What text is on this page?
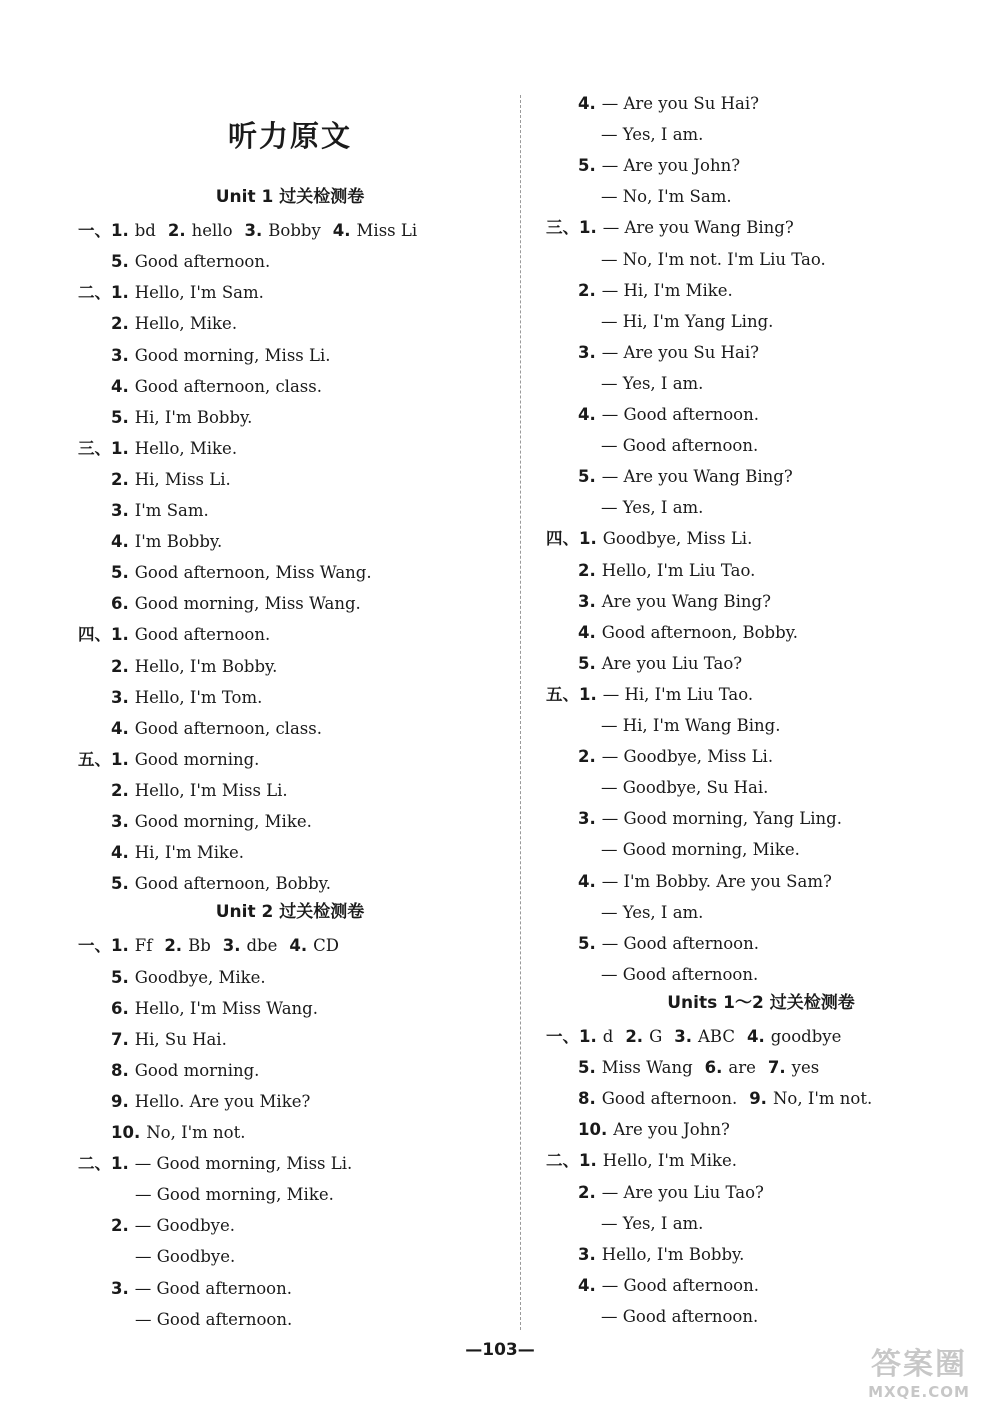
听力原文
Unit 1 过关检测卷
一、1. bd 2. hello 3. Bobby 4. Miss Li
5. Good afternoon.
二、1. Hello, I'm Sam.
2. Hello, Mike.
3. Good morning, Miss Li.
4. Good afternoon, class.
5. Hi, I'm Bobby.
三、1. Hello, Mike.
2. Hi, Miss Li.
3. I'm Sam.
4. I'm Bobby.
5. Good afternoon, Miss Wang.
6. Good morning, Miss Wang.
四、1. Good afternoon.
2. Hello, I'm Bobby.
3. Hello, I'm Tom.
4. Good afternoon, class.
五、1. Good morning.
2. Hello, I'm Miss Li.
3. Good morning, Mike.
4. Hi, I'm Mike.
5. Good afternoon, Bobby.
Unit 2 过关检测卷
一、1. Ff 2. Bb 3. dbe 4. CD
5. Goodbye, Mike.
6. Hello, I'm Miss Wang.
7. Hi, Su Hai.
8. Good morning.
9. Hello. Are you Mike?
10. No, I'm not.
二、1. — Good morning, Miss Li.
— Good morning, Mike.
2. — Goodbye.
— Goodbye.
3. — Good afternoon.
— Good afternoon.
4. — Are you Su Hai?
— Yes, I am.
5. — Are you John?
— No, I'm Sam.
三、1. — Are you Wang Bing?
— No, I'm not. I'm Liu Tao.
2. — Hi, I'm Mike.
— Hi, I'm Yang Ling.
3. — Are you Su Hai?
— Yes, I am.
4. — Good afternoon.
— Good afternoon.
5. — Are you Wang Bing?
— Yes, I am.
四、1. Goodbye, Miss Li.
2. Hello, I'm Liu Tao.
3. Are you Wang Bing?
4. Good afternoon, Bobby.
5. Are you Liu Tao?
五、1. — Hi, I'm Liu Tao.
— Hi, I'm Wang Bing.
2. — Goodbye, Miss Li.
— Goodbye, Su Hai.
3. — Good morning, Yang Ling.
— Good morning, Mike.
4. — I'm Bobby. Are you Sam?
— Yes, I am.
5. — Good afternoon.
— Good afternoon.
Units 1～2 过关检测卷
一、1. d 2. G 3. ABC 4. goodbye
5. Miss Wang 6. are 7. yes
8. Good afternoon. 9. No, I'm not.
10. Are you John?
二、1. Hello, I'm Mike.
2. — Are you Liu Tao?
— Yes, I am.
3. Hello, I'm Bobby.
4. — Good afternoon.
— Good afternoon.
—103—	答案圈
MXQE.COM
